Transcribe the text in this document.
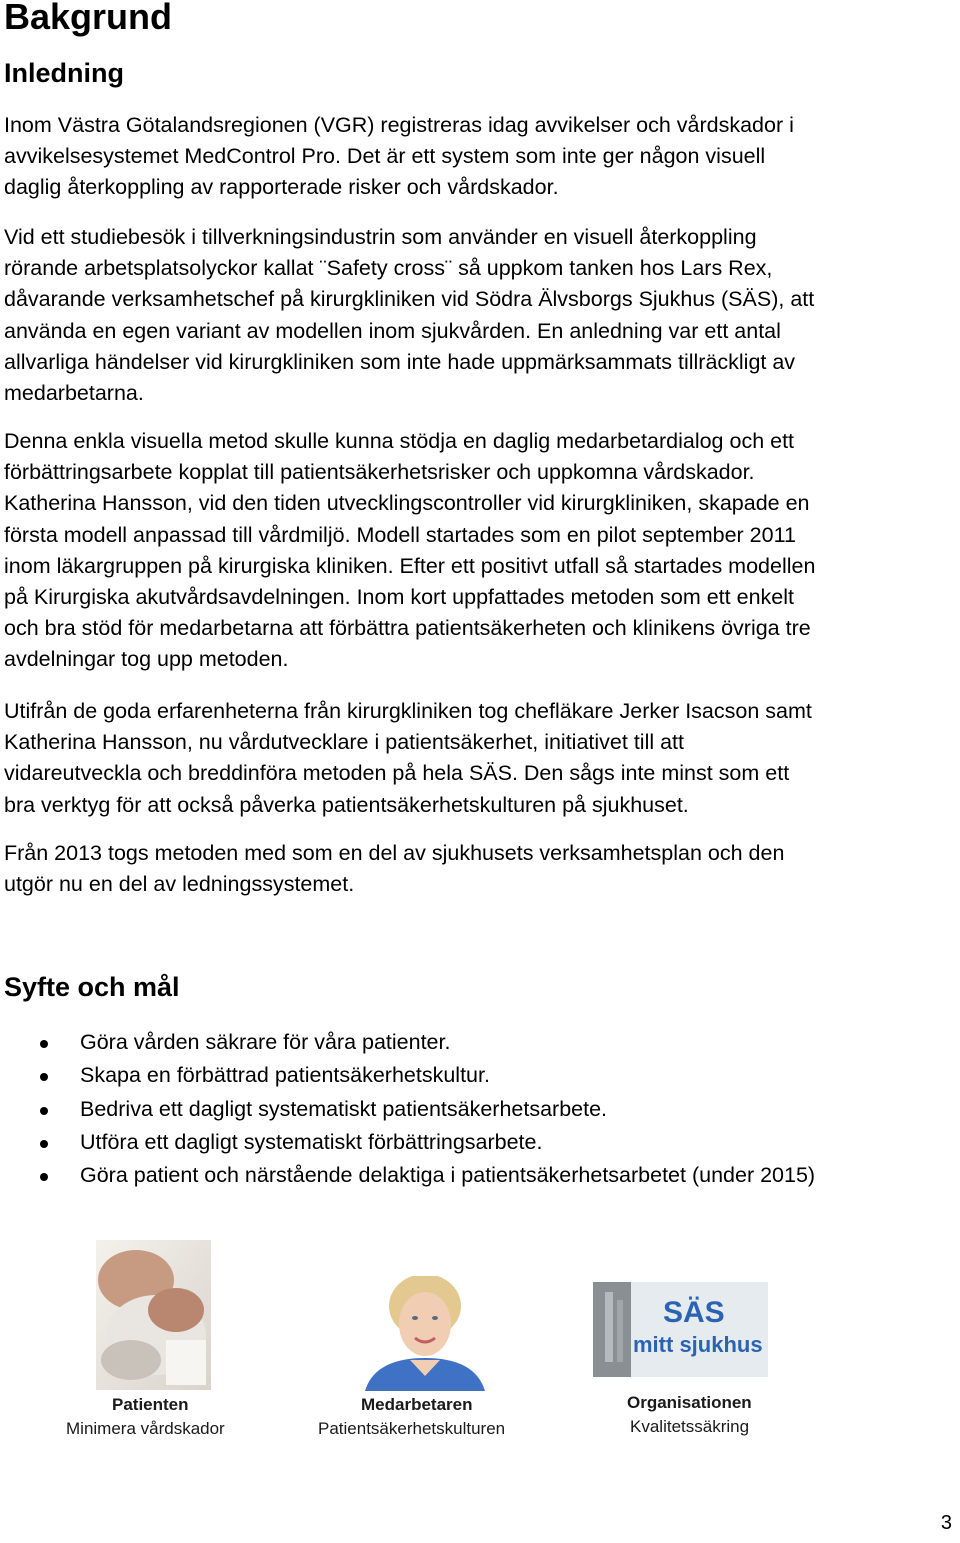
Bakgrund
Inledning

Inom Västra Götalandsregionen (VGR) registreras idag avvikelser och vårdskador i
avvikelsesystemet MedControl Pro. Det är ett system som inte ger någon visuell
daglig återkoppling av rapporterade risker och vårdskador.

Vid ett studiebesök i tillverkningsindustrin som använder en visuell återkoppling
rörande arbetsplatsolyckor kallat ¨Safety cross¨ så uppkom tanken hos Lars Rex,
dåvarande verksamhetschef på kirurgkliniken vid Södra Älvsborgs Sjukhus (SÄS), att
använda en egen variant av modellen inom sjukvården. En anledning var ett antal
allvarliga händelser vid kirurgkliniken som inte hade uppmärksammats tillräckligt av
medarbetarna.

Denna enkla visuella metod skulle kunna stödja en daglig medarbetardialog och ett
förbättringsarbete kopplat till patientsäkerhetsrisker och uppkomna vårdskador.
Katherina Hansson, vid den tiden utvecklingscontroller vid kirurgkliniken, skapade en
första modell anpassad till vårdmiljö. Modell startades som en pilot september 2011
inom läkargruppen på kirurgiska kliniken. Efter ett positivt utfall så startades modellen
på Kirurgiska akutvårdsavdelningen. Inom kort uppfattades metoden som ett enkelt
och bra stöd för medarbetarna att förbättra patientsäkerheten och klinikens övriga tre
avdelningar tog upp metoden.

Utifrån de goda erfarenheterna från kirurgkliniken tog chefläkare Jerker Isacson samt
Katherina Hansson, nu vårdutvecklare i patientsäkerhet, initiativet till att
vidareutveckla och breddinföra metoden på hela SÄS. Den sågs inte minst som ett
bra verktyg för att också påverka patientsäkerhetskulturen på sjukhuset.

Från 2013 togs metoden med som en del av sjukhusets verksamhetsplan och den
utgör nu en del av ledningssystemet.

Syfte och mål
Göra vården säkrare för våra patienter.
Skapa en förbättrad patientsäkerhetskultur.
Bedriva ett dagligt systematiskt patientsäkerhetsarbete.
Utföra ett dagligt systematiskt förbättringsarbete.
Göra patient och närstående delaktiga i patientsäkerhetsarbetet (under 2015)
Patienten
Minimera vårdskador
Medarbetaren
Patientsäkerhetskulturen
SÄS
mitt sjukhus
Organisationen
Kvalitetssäkring
3
